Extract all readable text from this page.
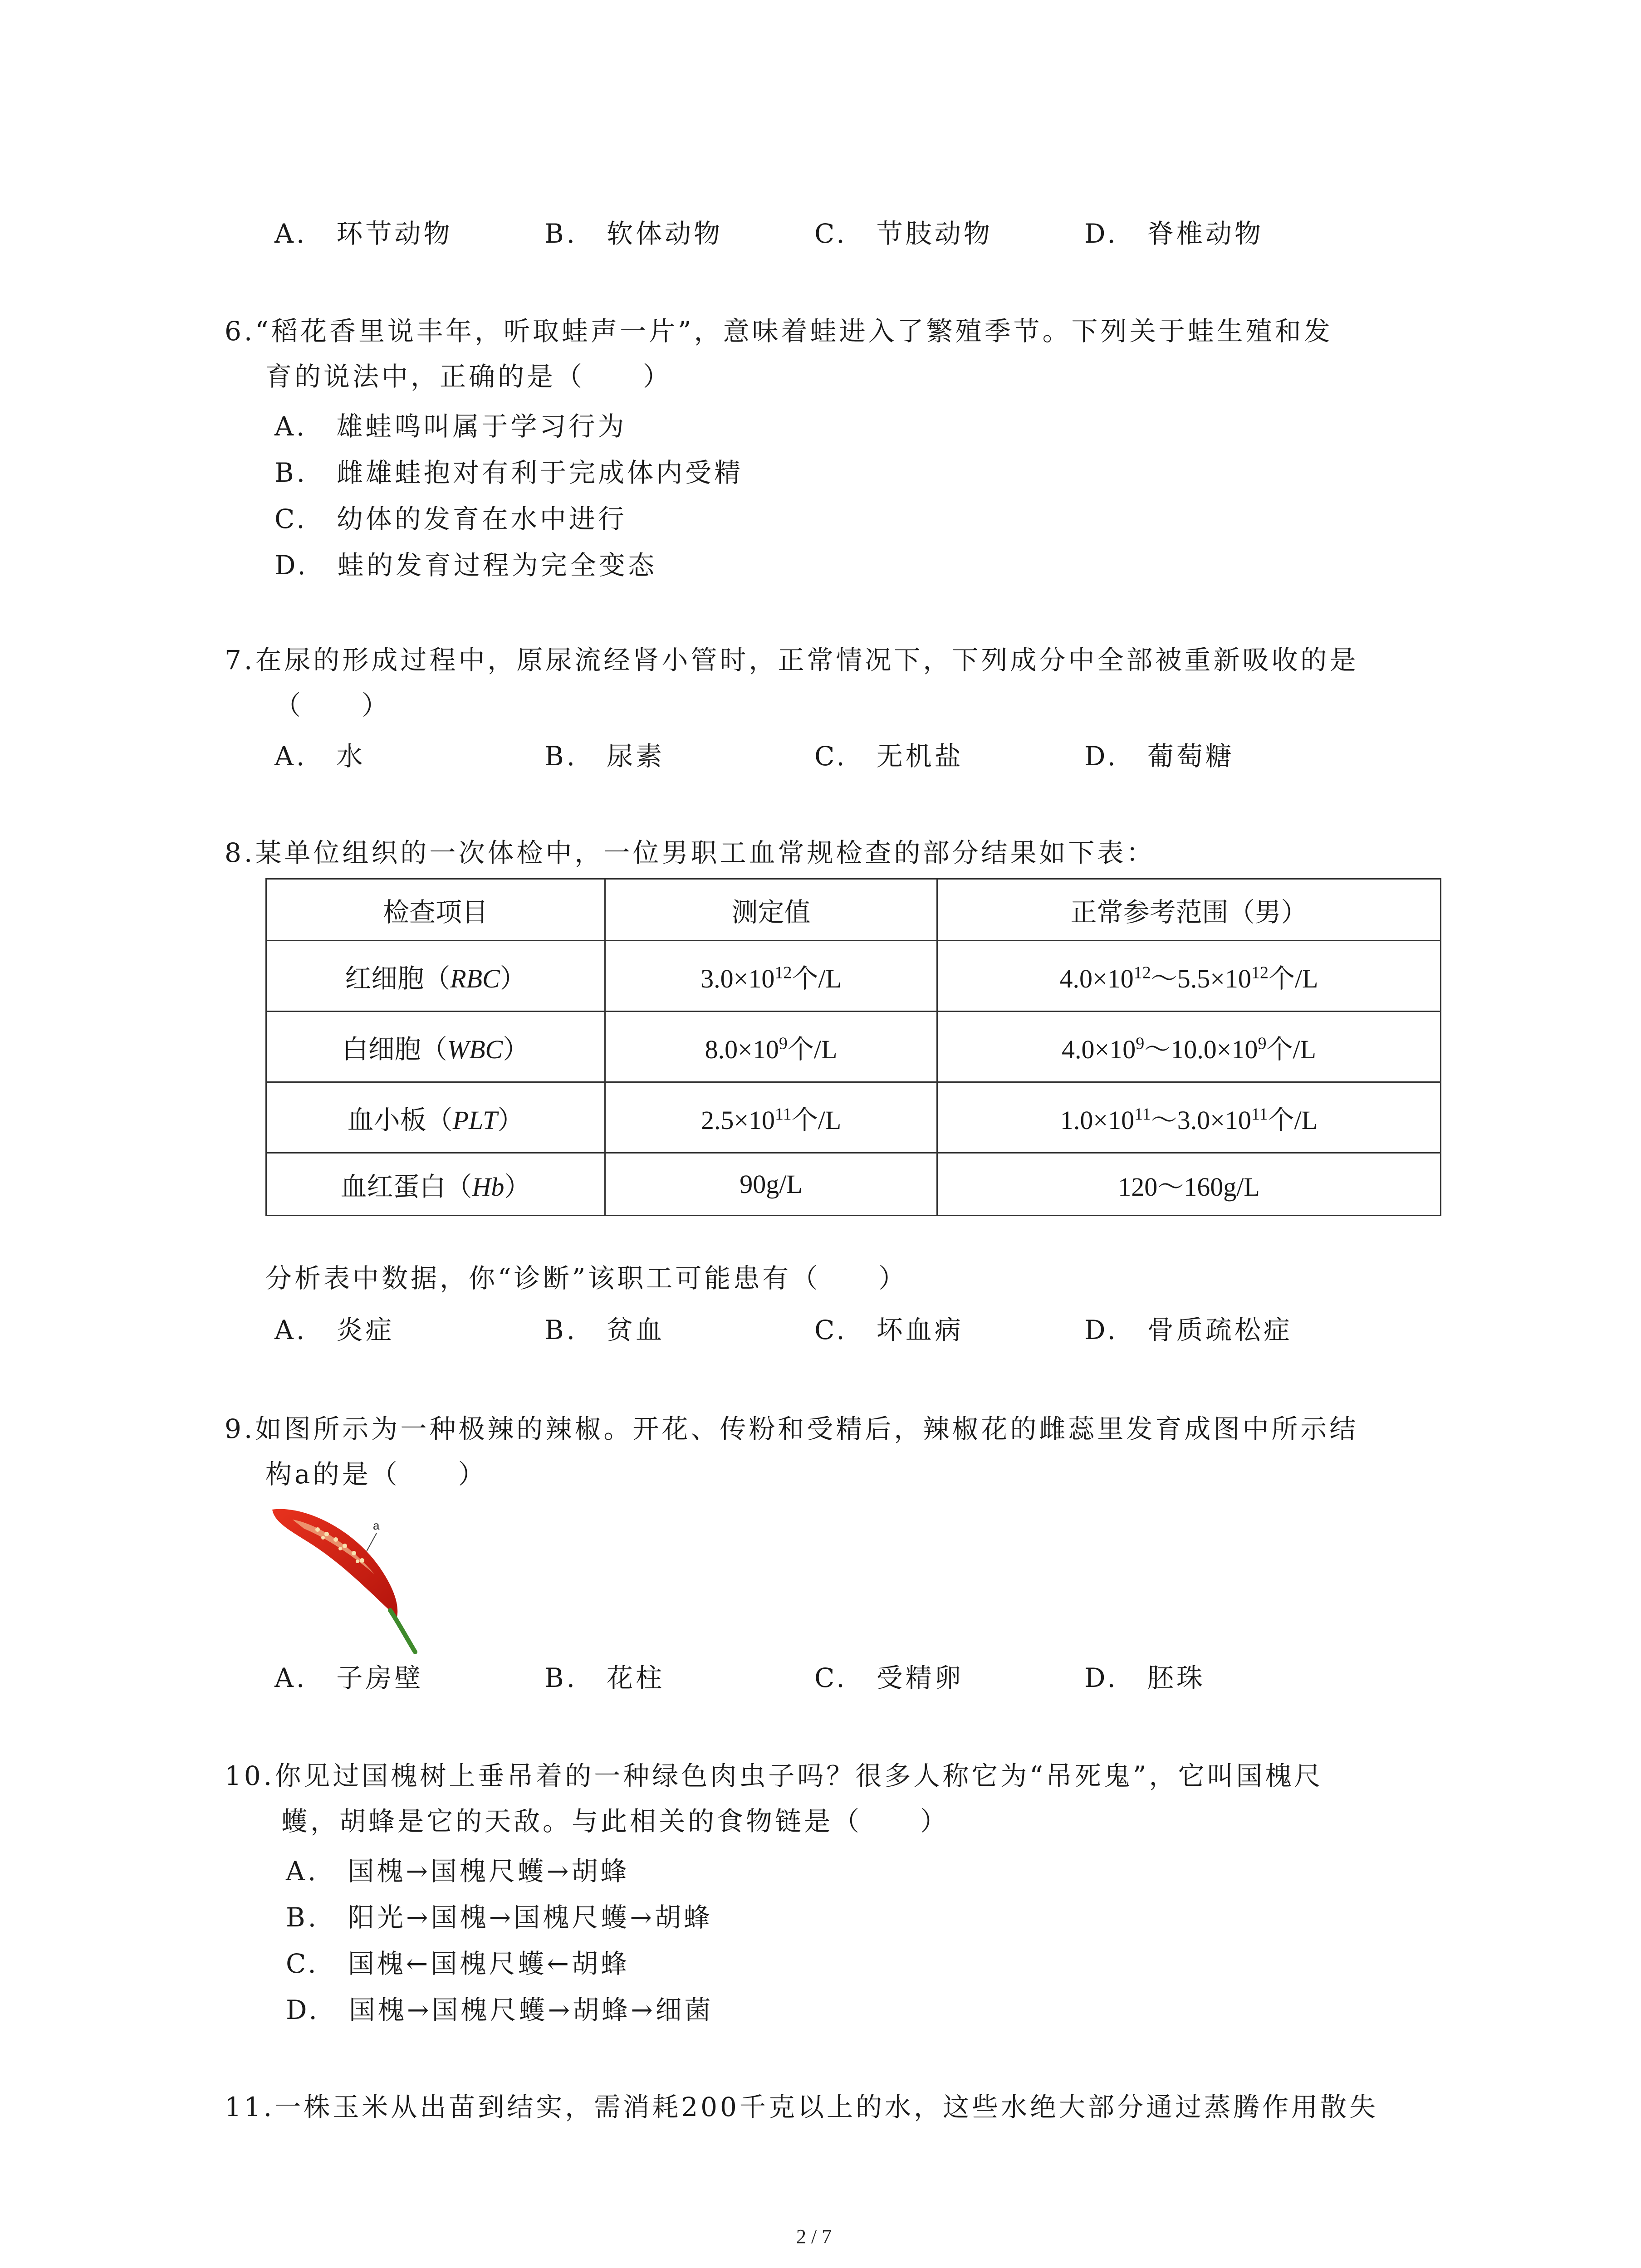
A.　环节动物	B.　软体动物	C.　节肢动物	D.　脊椎动物
6.“稻花香里说丰年，听取蛙声一片”，意味着蛙进入了繁殖季节。下列关于蛙生殖和发
育的说法中，正确的是（　　）
A.　雄蛙鸣叫属于学习行为
B.　雌雄蛙抱对有利于完成体内受精
C.　幼体的发育在水中进行
D.　蛙的发育过程为完全变态
7.在尿的形成过程中，原尿流经肾小管时，正常情况下，下列成分中全部被重新吸收的是
（　　）
A.　水	B.　尿素	C.　无机盐	D.　葡萄糖
8.某单位组织的一次体检中，一位男职工血常规检查的部分结果如下表：
检查项目	测定值	正常参考范围（男）
红细胞（RBC）	$3.0\times 10^{12}$个/L	$4.0\times 10^{12}\sim 5.5\times 10^{12}$个/L
白细胞（WBC）	$8.0\times 10^9$个/L	$4.0\times 10^9\sim 10.0\times 10^9$个/L
血小板（PLT）	$2.5\times 10^{11}$个/L	$1.0\times 10^{11}\sim 3.0\times 10^{11}$个/L
血红蛋白（Hb）	90g/L	120～160g/L
分析表中数据，你“诊断”该职工可能患有（　　）
A.　炎症	B.　贫血	C.　坏血病	D.　骨质疏松症
9.如图所示为一种极辣的辣椒。开花、传粉和受精后，辣椒花的雌蕊里发育成图中所示结
构a的是（　　）
a
A.　子房壁	B.　花柱	C.　受精卵	D.　胚珠
10.你见过国槐树上垂吊着的一种绿色肉虫子吗？很多人称它为“吊死鬼”，它叫国槐尺
蠖，胡蜂是它的天敌。与此相关的食物链是（　　）
A.　国槐→国槐尺蠖→胡蜂
B.　阳光→国槐→国槐尺蠖→胡蜂
C.　国槐←国槐尺蠖←胡蜂
D.　国槐→国槐尺蠖→胡蜂→细菌
11.一株玉米从出苗到结实，需消耗200千克以上的水，这些水绝大部分通过蒸腾作用散失
2 / 7
